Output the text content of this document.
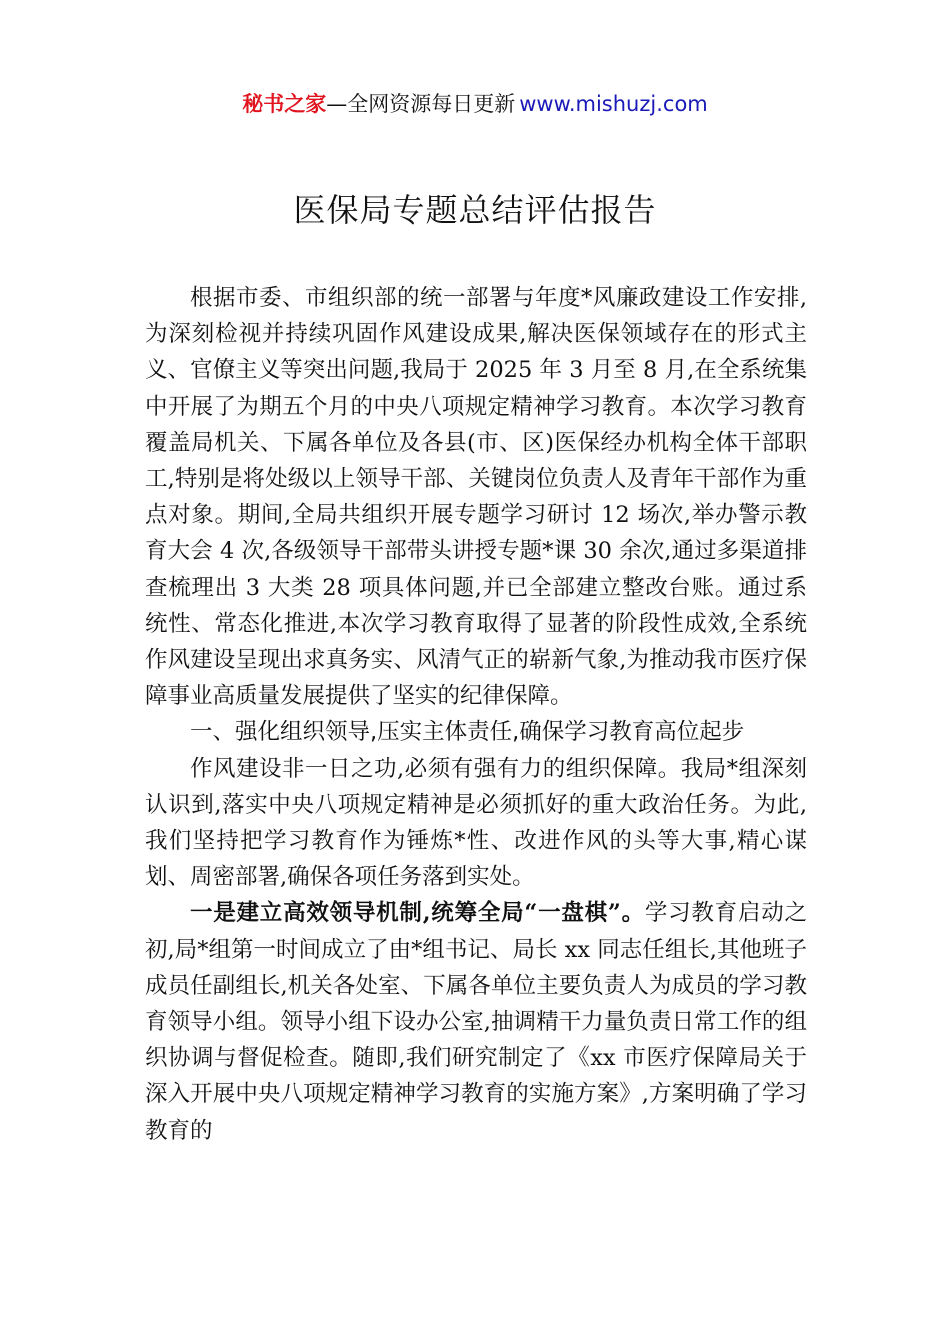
秘书之家—全网资源每日更新 www.mishuzj.com
医保局专题总结评估报告

根据市委、市组织部的统一部署与年度*风廉政建设工作安排,为深刻检视并持续巩固作风建设成果,解决医保领域存在的形式主义、官僚主义等突出问题,我局于 2025 年 3 月至 8 月,在全系统集中开展了为期五个月的中央八项规定精神学习教育。本次学习教育覆盖局机关、下属各单位及各县(市、区)医保经办机构全体干部职工,特别是将处级以上领导干部、关键岗位负责人及青年干部作为重点对象。期间,全局共组织开展专题学习研讨 12 场次,举办警示教育大会 4 次,各级领导干部带头讲授专题*课 30 余次,通过多渠道排查梳理出 3 大类 28 项具体问题,并已全部建立整改台账。通过系统性、常态化推进,本次学习教育取得了显著的阶段性成效,全系统作风建设呈现出求真务实、风清气正的崭新气象,为推动我市医疗保障事业高质量发展提供了坚实的纪律保障。

一、强化组织领导,压实主体责任,确保学习教育高位起步

作风建设非一日之功,必须有强有力的组织保障。我局*组深刻认识到,落实中央八项规定精神是必须抓好的重大政治任务。为此,我们坚持把学习教育作为锤炼*性、改进作风的头等大事,精心谋划、周密部署,确保各项任务落到实处。

一是建立高效领导机制,统筹全局“一盘棋”。学习教育启动之初,局*组第一时间成立了由*组书记、局长 xx 同志任组长,其他班子成员任副组长,机关各处室、下属各单位主要负责人为成员的学习教育领导小组。领导小组下设办公室,抽调精干力量负责日常工作的组织协调与督促检查。随即,我们研究制定了《xx 市医疗保障局关于深入开展中央八项规定精神学习教育的实施方案》,方案明确了学习教育的
